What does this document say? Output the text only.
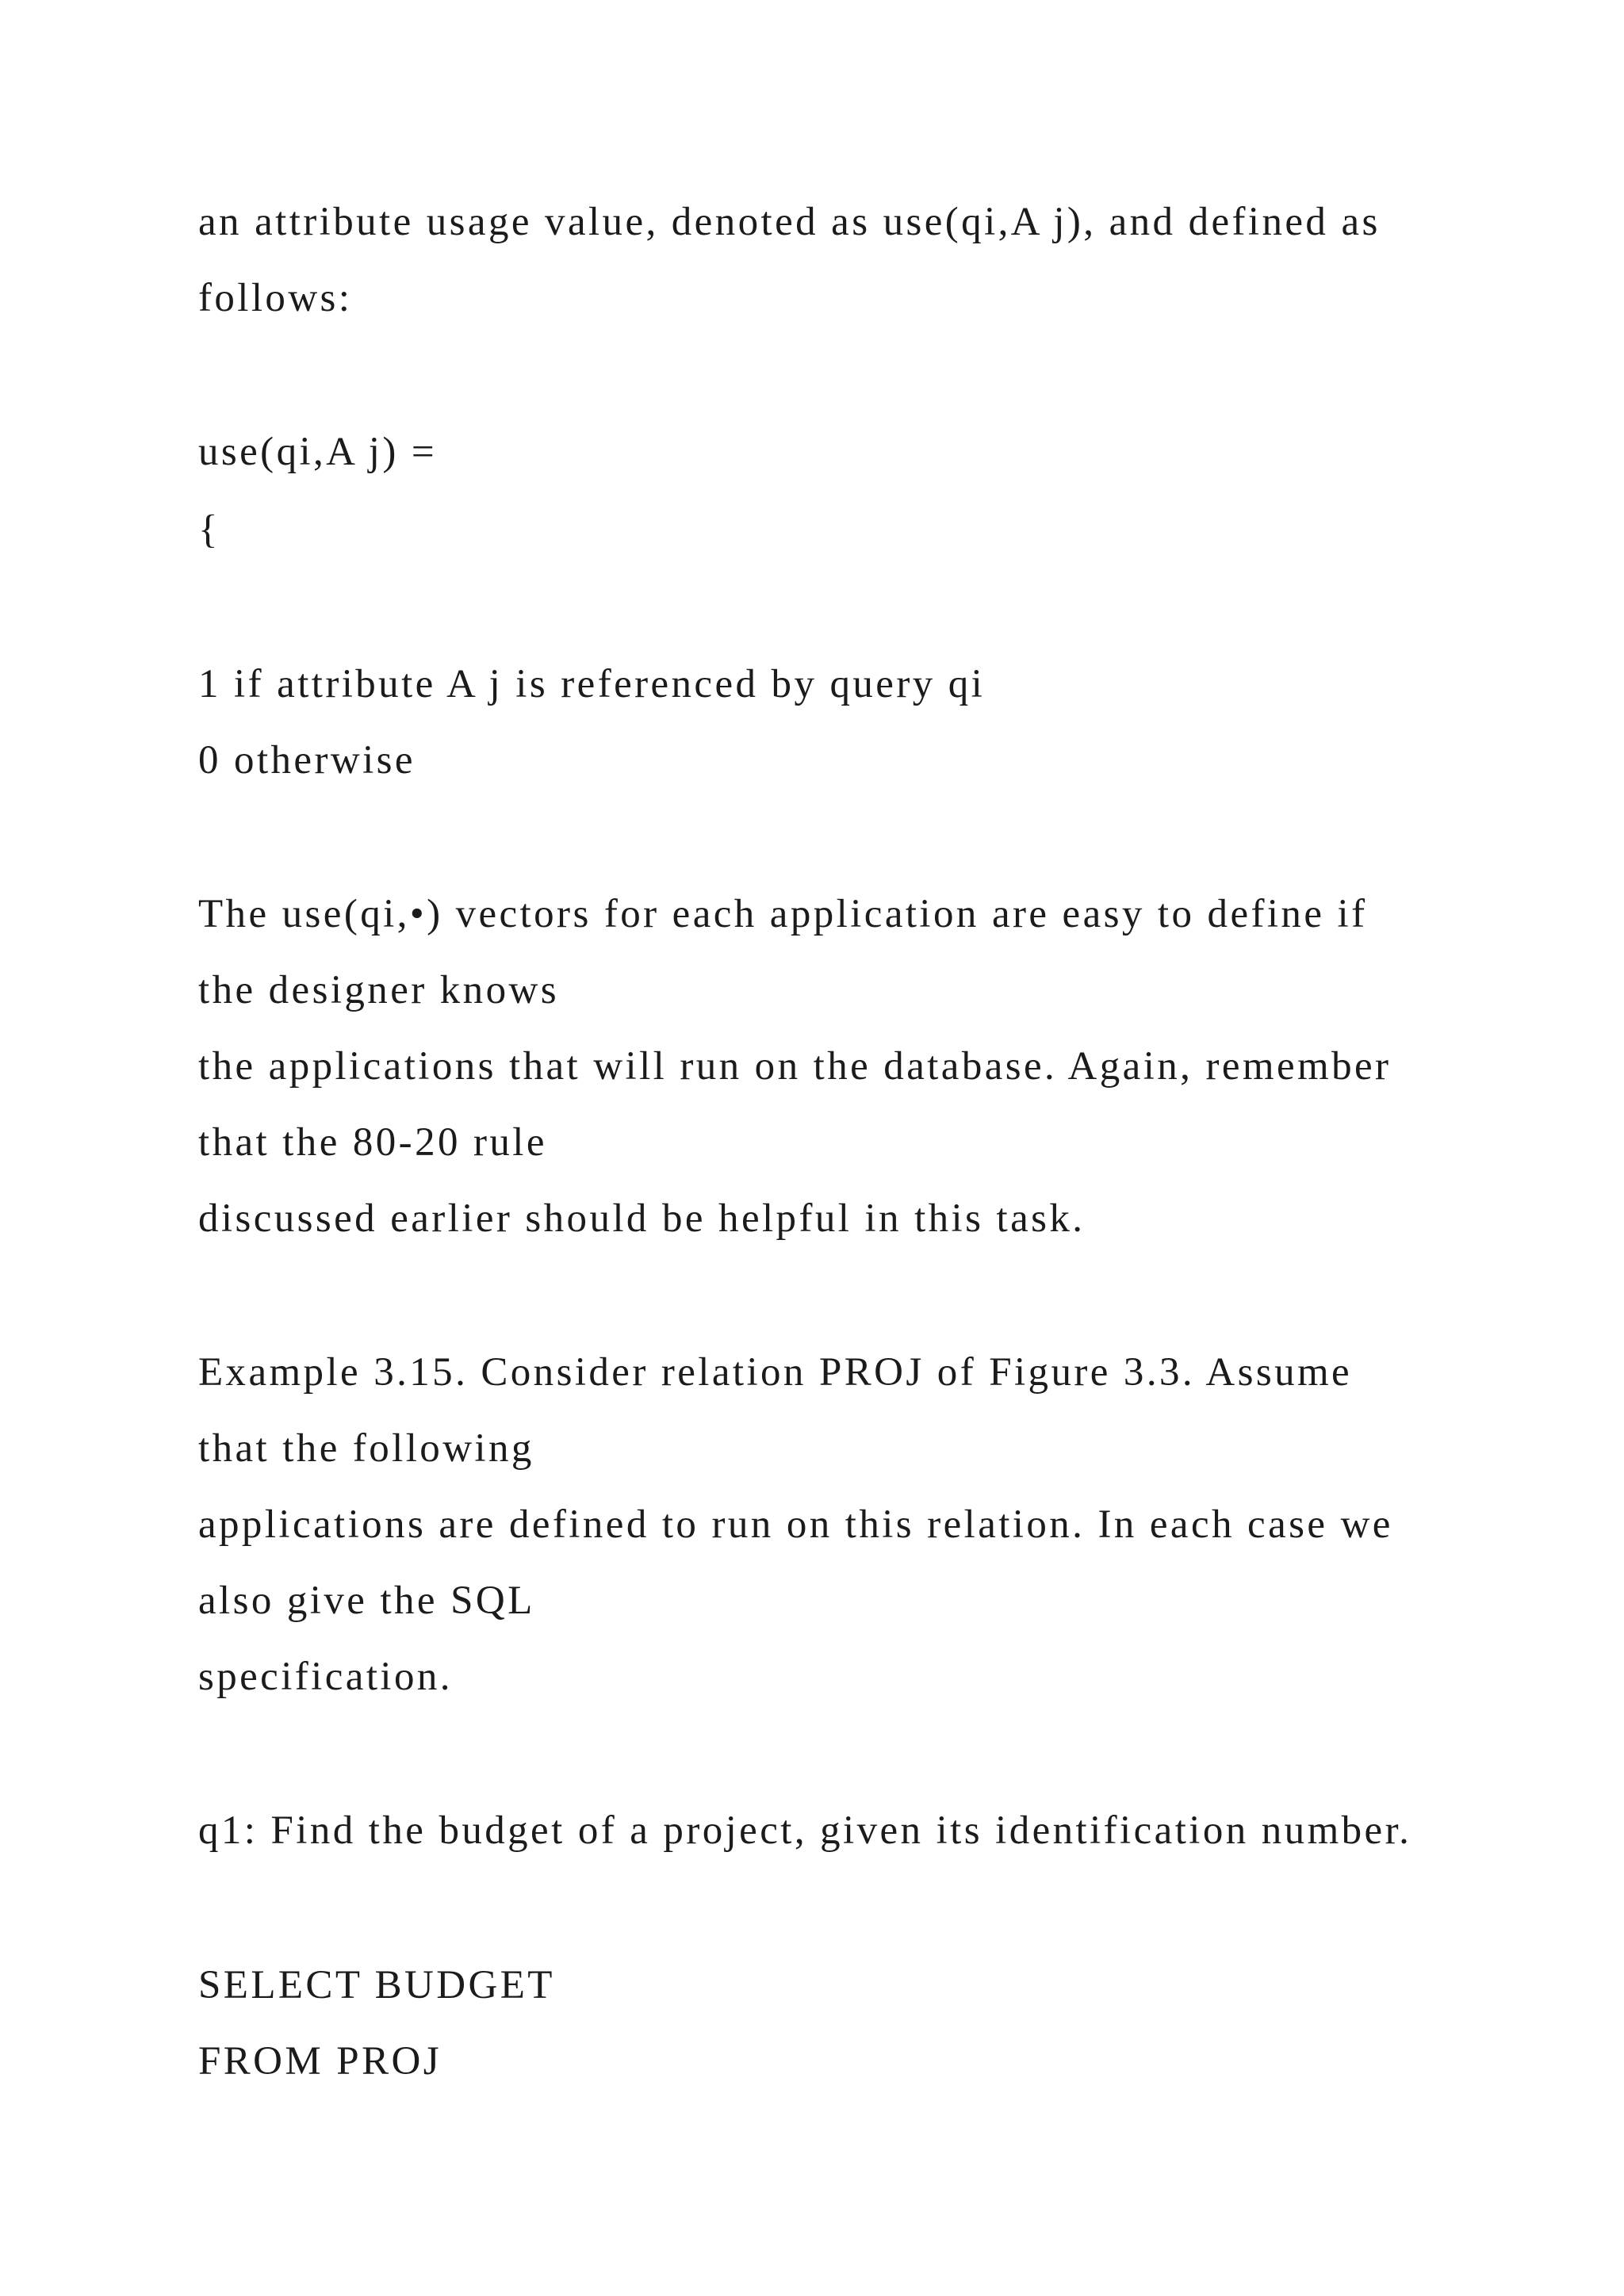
an attribute usage value, denoted as use(qi,A j), and defined as
follows:
use(qi,A j) =
{
1 if attribute A j is referenced by query qi
0 otherwise
The use(qi,•) vectors for each application are easy to define if
the designer knows
the applications that will run on the database. Again, remember
that the 80-20 rule
discussed earlier should be helpful in this task.
Example 3.15. Consider relation PROJ of Figure 3.3. Assume
that the following
applications are defined to run on this relation. In each case we
also give the SQL
specification.
q1: Find the budget of a project, given its identification number.
SELECT BUDGET
FROM PROJ
